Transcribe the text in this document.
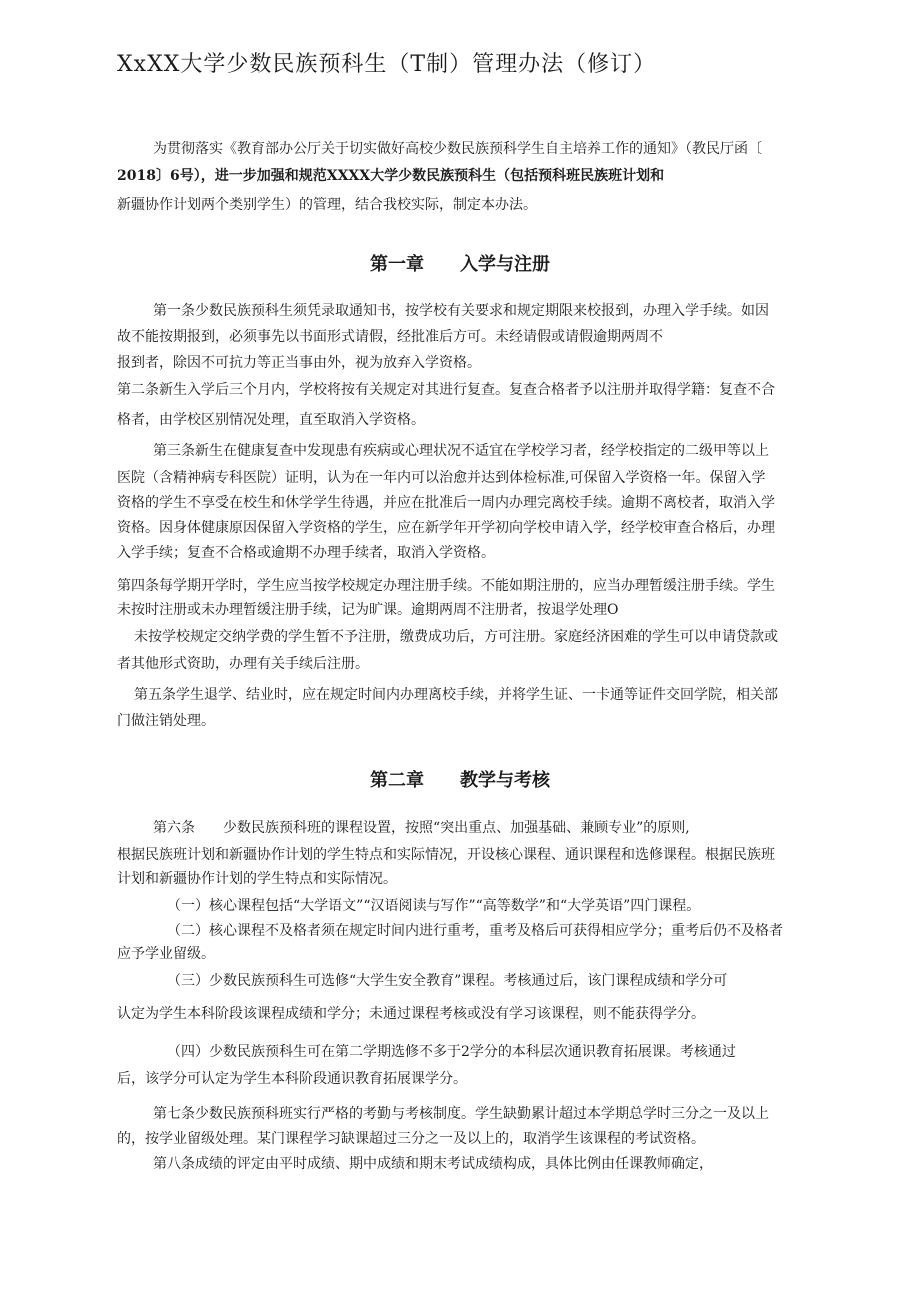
XxXX大学少数民族预科生（T制）管理办法（修订）
为贯彻落实《教育部办公厅关于切实做好高校少数民族预科学生自主培养工作的通知》（教民厅函〔
2018〕6号），进一步加强和规范XXXX大学少数民族预科生（包括预科班民族班计划和
新疆协作计划两个类别学生）的管理，结合我校实际，制定本办法。
第一章　　入学与注册
第一条少数民族预科生须凭录取通知书，按学校有关要求和规定期限来校报到，办理入学手续。如因
故不能按期报到，必须事先以书面形式请假，经批准后方可。未经请假或请假逾期两周不
报到者，除因不可抗力等正当事由外，视为放弃入学资格。
第二条新生入学后三个月内，学校将按有关规定对其进行复查。复查合格者予以注册并取得学籍：复查不合
格者，由学校区别情况处理，直至取消入学资格。
第三条新生在健康复查中发现患有疾病或心理状况不适宜在学校学习者，经学校指定的二级甲等以上
医院（含精神病专科医院）证明，认为在一年内可以治愈并达到体检标准,可保留入学资格一年。保留入学
资格的学生不享受在校生和休学学生待遇，并应在批准后一周内办理完离校手续。逾期不离校者，取消入学
资格。因身体健康原因保留入学资格的学生，应在新学年开学初向学校申请入学，经学校审查合格后，办理
入学手续；复查不合格或逾期不办理手续者，取消入学资格。
第四条每学期开学时，学生应当按学校规定办理注册手续。不能如期注册的，应当办理暂缓注册手续。学生
未按时注册或未办理暂缓注册手续，记为旷课。逾期两周不注册者，按退学处理O
未按学校规定交纳学费的学生暂不予注册，缴费成功后，方可注册。家庭经济困难的学生可以申请贷款或
者其他形式资助，办理有关手续后注册。
第五条学生退学、结业时，应在规定时间内办理离校手续，并将学生证、一卡通等证件交回学院，相关部
门做注销处理。
第二章　　教学与考核
第六条　　少数民族预科班的课程设置，按照“突出重点、加强基础、兼顾专业”的原则,
根据民族班计划和新疆协作计划的学生特点和实际情况，开设核心课程、通识课程和选修课程。根据民族班
计划和新疆协作计划的学生特点和实际情况。
（一）核心课程包括“大学语文”“汉语阅读与写作”“高等数学”和“大学英语”四门课程。
（二）核心课程不及格者须在规定时间内进行重考，重考及格后可获得相应学分；重考后仍不及格者
应予学业留级。
（三）少数民族预科生可选修“大学生安全教育”课程。考核通过后，该门课程成绩和学分可
认定为学生本科阶段该课程成绩和学分；未通过课程考核或没有学习该课程，则不能获得学分。
（四）少数民族预科生可在第二学期选修不多于2学分的本科层次通识教育拓展课。考核通过
后，该学分可认定为学生本科阶段通识教育拓展课学分。
第七条少数民族预科班实行严格的考勤与考核制度。学生缺勤累计超过本学期总学时三分之一及以上
的，按学业留级处理。某门课程学习缺课超过三分之一及以上的，取消学生该课程的考试资格。
第八条成绩的评定由平时成绩、期中成绩和期末考试成绩构成，具体比例由任课教师确定，
